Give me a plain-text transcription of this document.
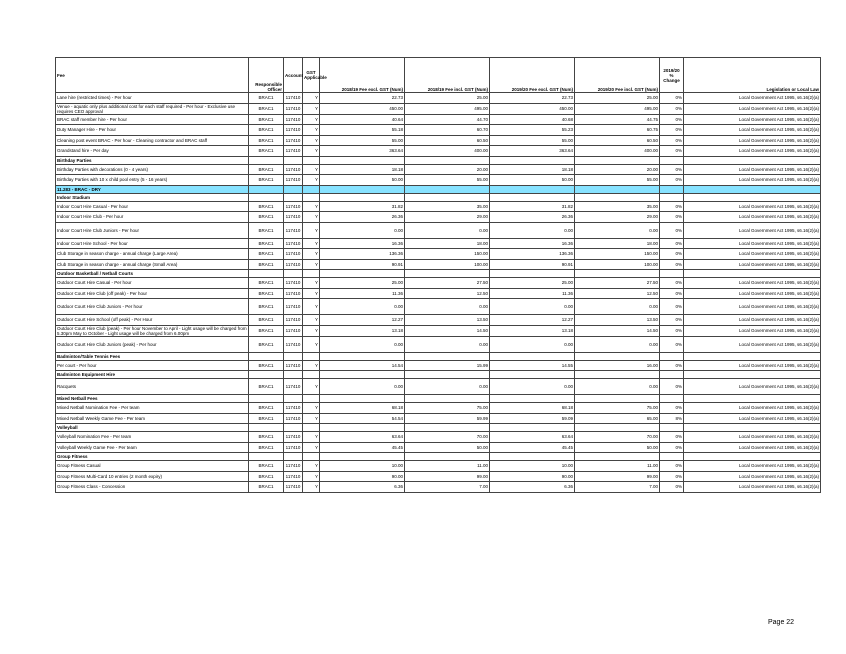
Fee	Responsible Officer	Account	GST Applicable	2018/19 Fee excl. GST (Num)	2018/19 Fee incl. GST (Num)	2019/20 Fee excl. GST (Num)	2019/20 Fee incl. GST (Num)	2019/20 % Change	Legislation or Local Law
Lane hire (restricted times) - Per hour	BRAC1	117410	Y	22.73	25.00	22.73	25.00	0%	Local Government Act 1995, s6.16(2)(a)
Venue - aquatic only plus additional cost for each staff required - Per hour - Exclusive use requires CEO approval	BRAC1	117410	Y	450.00	495.00	450.00	495.00	0%	Local Government Act 1995, s6.16(2)(a)
BRAC staff member hire - Per hour	BRAC1	117410	Y	40.64	44.70	40.68	44.75	0%	Local Government Act 1995, s6.16(2)(a)
Duty Manager Hire - Per hour	BRAC1	117410	Y	55.18	60.70	55.23	60.75	0%	Local Government Act 1995, s6.16(2)(a)
Cleaning post event BRAC - Per hour - Cleaning contractor and BRAC staff	BRAC1	117410	Y	55.00	60.50	55.00	60.50	0%	Local Government Act 1995, s6.16(2)(a)
Grandstand hire - Per day	BRAC1	117410	Y	363.64	400.00	363.64	400.00	0%	Local Government Act 1995, s6.16(2)(a)
Birthday Parties									
Birthday Parties with decorations (0 - 4 years)	BRAC1	117410	Y	18.18	20.00	18.18	20.00	0%	Local Government Act 1995, s6.16(2)(a)
Birthday Parties with 10 x child pool entry (5 - 16 years)	BRAC1	117410	Y	50.00	55.00	50.00	55.00	0%	Local Government Act 1995, s6.16(2)(a)
11.283 - BRAC - DRY									
Indoor Stadium									
Indoor Court Hire Casual - Per hour	BRAC1	117410	Y	31.82	35.00	31.82	35.00	0%	Local Government Act 1995, s6.16(2)(a)
Indoor Court Hire Club - Per hour	BRAC1	117410	Y	26.36	29.00	26.36	29.00	0%	Local Government Act 1995, s6.16(2)(a)
Indoor Court Hire Club Juniors - Per hour	BRAC1	117410	Y	0.00	0.00	0.00	0.00	0%	Local Government Act 1995, s6.16(2)(a)
Indoor Court Hire School - Per hour	BRAC1	117410	Y	16.36	18.00	16.36	18.00	0%	Local Government Act 1995, s6.16(2)(a)
Club Storage in season charge - annual charge (Large Area)	BRAC1	117410	Y	136.36	150.00	136.36	150.00	0%	Local Government Act 1995, s6.16(2)(a)
Club Storage in season charge - annual charge (Small Area)	BRAC1	117410	Y	90.91	100.00	90.91	100.00	0%	Local Government Act 1995, s6.16(2)(a)
Outdoor Basketball / Netball Courts									
Outdoor Court Hire Casual - Per hour	BRAC1	117410	Y	25.00	27.50	25.00	27.50	0%	Local Government Act 1995, s6.16(2)(a)
Outdoor Court Hire Club (off peak) - Per hour	BRAC1	117410	Y	11.36	12.50	11.36	12.50	0%	Local Government Act 1995, s6.16(2)(a)
Outdoor Court Hire Club Juniors - Per hour	BRAC1	117410	Y	0.00	0.00	0.00	0.00	0%	Local Government Act 1995, s6.16(2)(a)
Outdoor Court Hire School (off peak) - Per Hour	BRAC1	117410	Y	12.27	13.50	12.27	13.50	0%	Local Government Act 1995, s6.16(2)(a)
Outdoor Court Hire Club (peak) - Per hour November to April - Light usage will be charged from 5.30pm May to October - Light usage will be charged from 6.00pm	BRAC1	117410	Y	13.18	14.50	13.18	14.50	0%	Local Government Act 1995, s6.16(2)(a)
Outdoor Court Hire Club Juniors (peak) - Per hour	BRAC1	117410	Y	0.00	0.00	0.00	0.00	0%	Local Government Act 1995, s6.16(2)(a)
Badminton/Table Tennis Fees									
Per court - Per hour	BRAC1	117410	Y	14.54	15.99	14.55	16.00	0%	Local Government Act 1995, s6.16(2)(a)
Badminton Equipment Hire									
Racquets	BRAC1	117410	Y	0.00	0.00	0.00	0.00	0%	Local Government Act 1995, s6.16(2)(a)
Mixed Netball Fees									
Mixed Netball Nomination Fee - Per team	BRAC1	117410	Y	68.18	75.00	68.18	75.00	0%	Local Government Act 1995, s6.16(2)(a)
Mixed Netball Weekly Game Fee - Per team	BRAC1	117410	Y	54.54	59.99	59.09	65.00	8%	Local Government Act 1995, s6.16(2)(a)
Volleyball									
Volleyball Nomination Fee - Per team	BRAC1	117410	Y	63.64	70.00	63.64	70.00	0%	Local Government Act 1995, s6.16(2)(a)
Volleyball Weekly Game Fee - Per team	BRAC1	117410	Y	45.45	50.00	45.45	50.00	0%	Local Government Act 1995, s6.16(2)(a)
Group Fitness									
Group Fitness Casual	BRAC1	117410	Y	10.00	11.00	10.00	11.00	0%	Local Government Act 1995, s6.16(2)(a)
Group Fitness Multi-Card 10 entries (2 month expiry)	BRAC1	117410	Y	90.00	99.00	90.00	99.00	0%	Local Government Act 1995, s6.16(2)(a)
Group Fitness Class - Concession	BRAC1	117410	Y	6.36	7.00	6.36	7.00	0%	Local Government Act 1995, s6.16(2)(a)
Page 22
